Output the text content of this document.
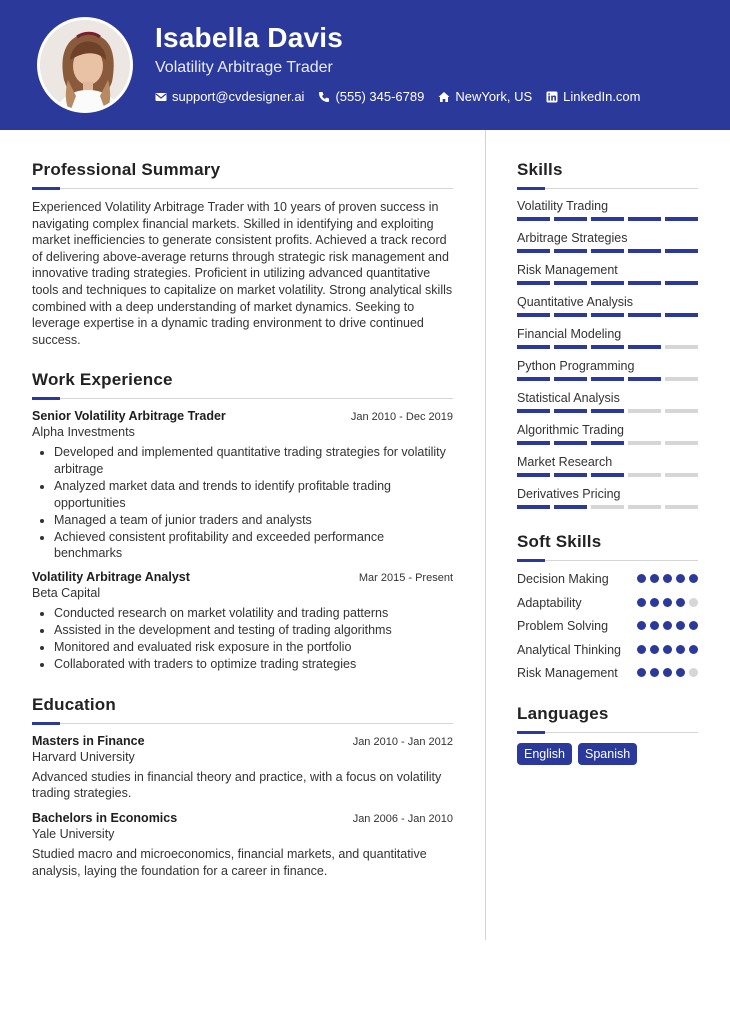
Isabella Davis
Volatility Arbitrage Trader
support@cvdesigner.ai (555) 345-6789 NewYork, US LinkedIn.com
Professional Summary
Experienced Volatility Arbitrage Trader with 10 years of proven success in navigating complex financial markets. Skilled in identifying and exploiting market inefficiencies to generate consistent profits. Achieved a track record of delivering above-average returns through strategic risk management and innovative trading strategies. Proficient in utilizing advanced quantitative tools and techniques to capitalize on market volatility. Strong analytical skills combined with a deep understanding of market dynamics. Seeking to leverage expertise in a dynamic trading environment to drive continued success.
Work Experience
Senior Volatility Arbitrage Trader	Jan 2010 - Dec 2019
Alpha Investments
• Developed and implemented quantitative trading strategies for volatility arbitrage
• Analyzed market data and trends to identify profitable trading opportunities
• Managed a team of junior traders and analysts
• Achieved consistent profitability and exceeded performance benchmarks
Volatility Arbitrage Analyst	Mar 2015 - Present
Beta Capital
• Conducted research on market volatility and trading patterns
• Assisted in the development and testing of trading algorithms
• Monitored and evaluated risk exposure in the portfolio
• Collaborated with traders to optimize trading strategies
Education
Masters in Finance	Jan 2010 - Jan 2012
Harvard University
Advanced studies in financial theory and practice, with a focus on volatility trading strategies.
Bachelors in Economics	Jan 2006 - Jan 2010
Yale University
Studied macro and microeconomics, financial markets, and quantitative analysis, laying the foundation for a career in finance.
Skills
Volatility Trading
Arbitrage Strategies
Risk Management
Quantitative Analysis
Financial Modeling
Python Programming
Statistical Analysis
Algorithmic Trading
Market Research
Derivatives Pricing
Soft Skills
Decision Making
Adaptability
Problem Solving
Analytical Thinking
Risk Management
Languages
English	Spanish
